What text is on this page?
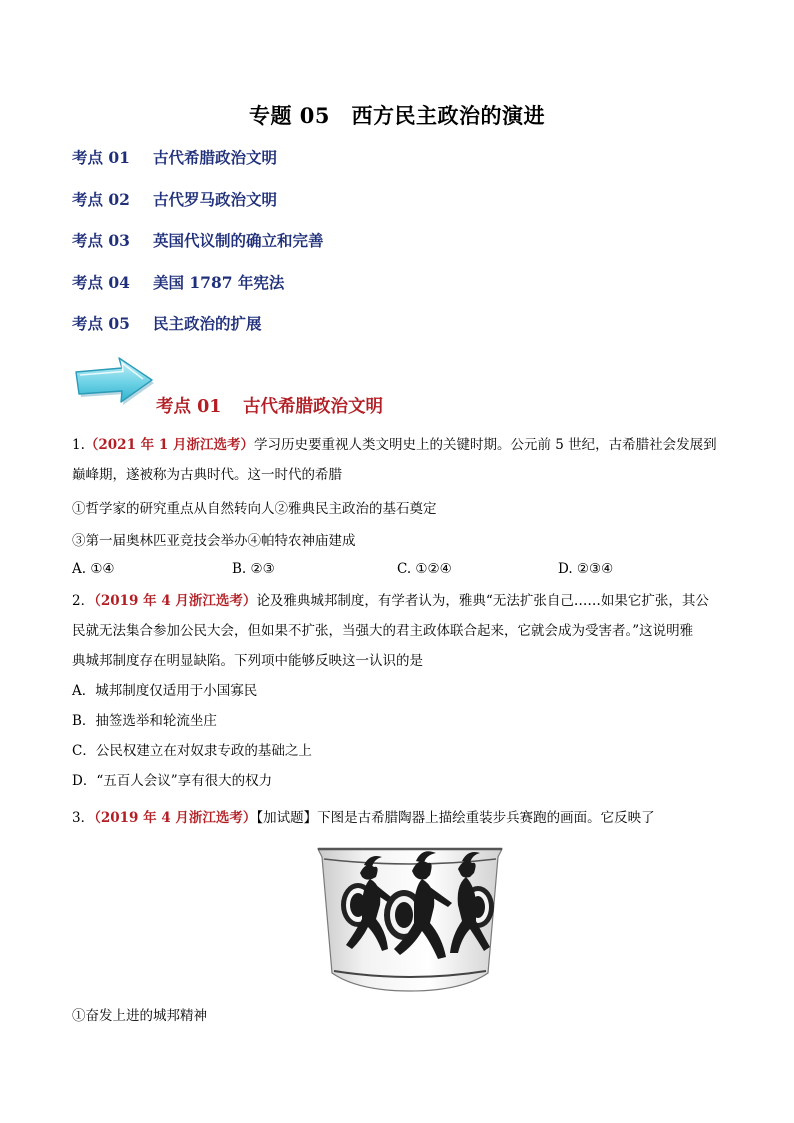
专题 05　西方民主政治的演进
考点 01 古代希腊政治文明
考点 02 古代罗马政治文明
考点 03 英国代议制的确立和完善
考点 04 美国 1787 年宪法
考点 05 民主政治的扩展
考点 01 古代希腊政治文明
1.（2021 年 1 月浙江选考）学习历史要重视人类文明史上的关键时期。公元前 5 世纪，古希腊社会发展到
巅峰期，遂被称为古典时代。这一时代的希腊
①哲学家的研究重点从自然转向人②雅典民主政治的基石奠定
③第一届奥林匹亚竞技会举办④帕特农神庙建成
A. ①④	B. ②③	C. ①②④	D. ②③④
2．（2019 年 4 月浙江选考）论及雅典城邦制度，有学者认为，雅典“无法扩张自己……如果它扩张，其公
民就无法集合参加公民大会，但如果不扩张，当强大的君主政体联合起来，它就会成为受害者。”这说明雅
典城邦制度存在明显缺陷。下列项中能够反映这一认识的是
A．城邦制度仅适用于小国寡民
B．抽签选举和轮流坐庄
C．公民权建立在对奴隶专政的基础之上
D．“五百人会议”享有很大的权力
3．（2019 年 4 月浙江选考）【加试题】下图是古希腊陶器上描绘重装步兵赛跑的画面。它反映了
①奋发上进的城邦精神
